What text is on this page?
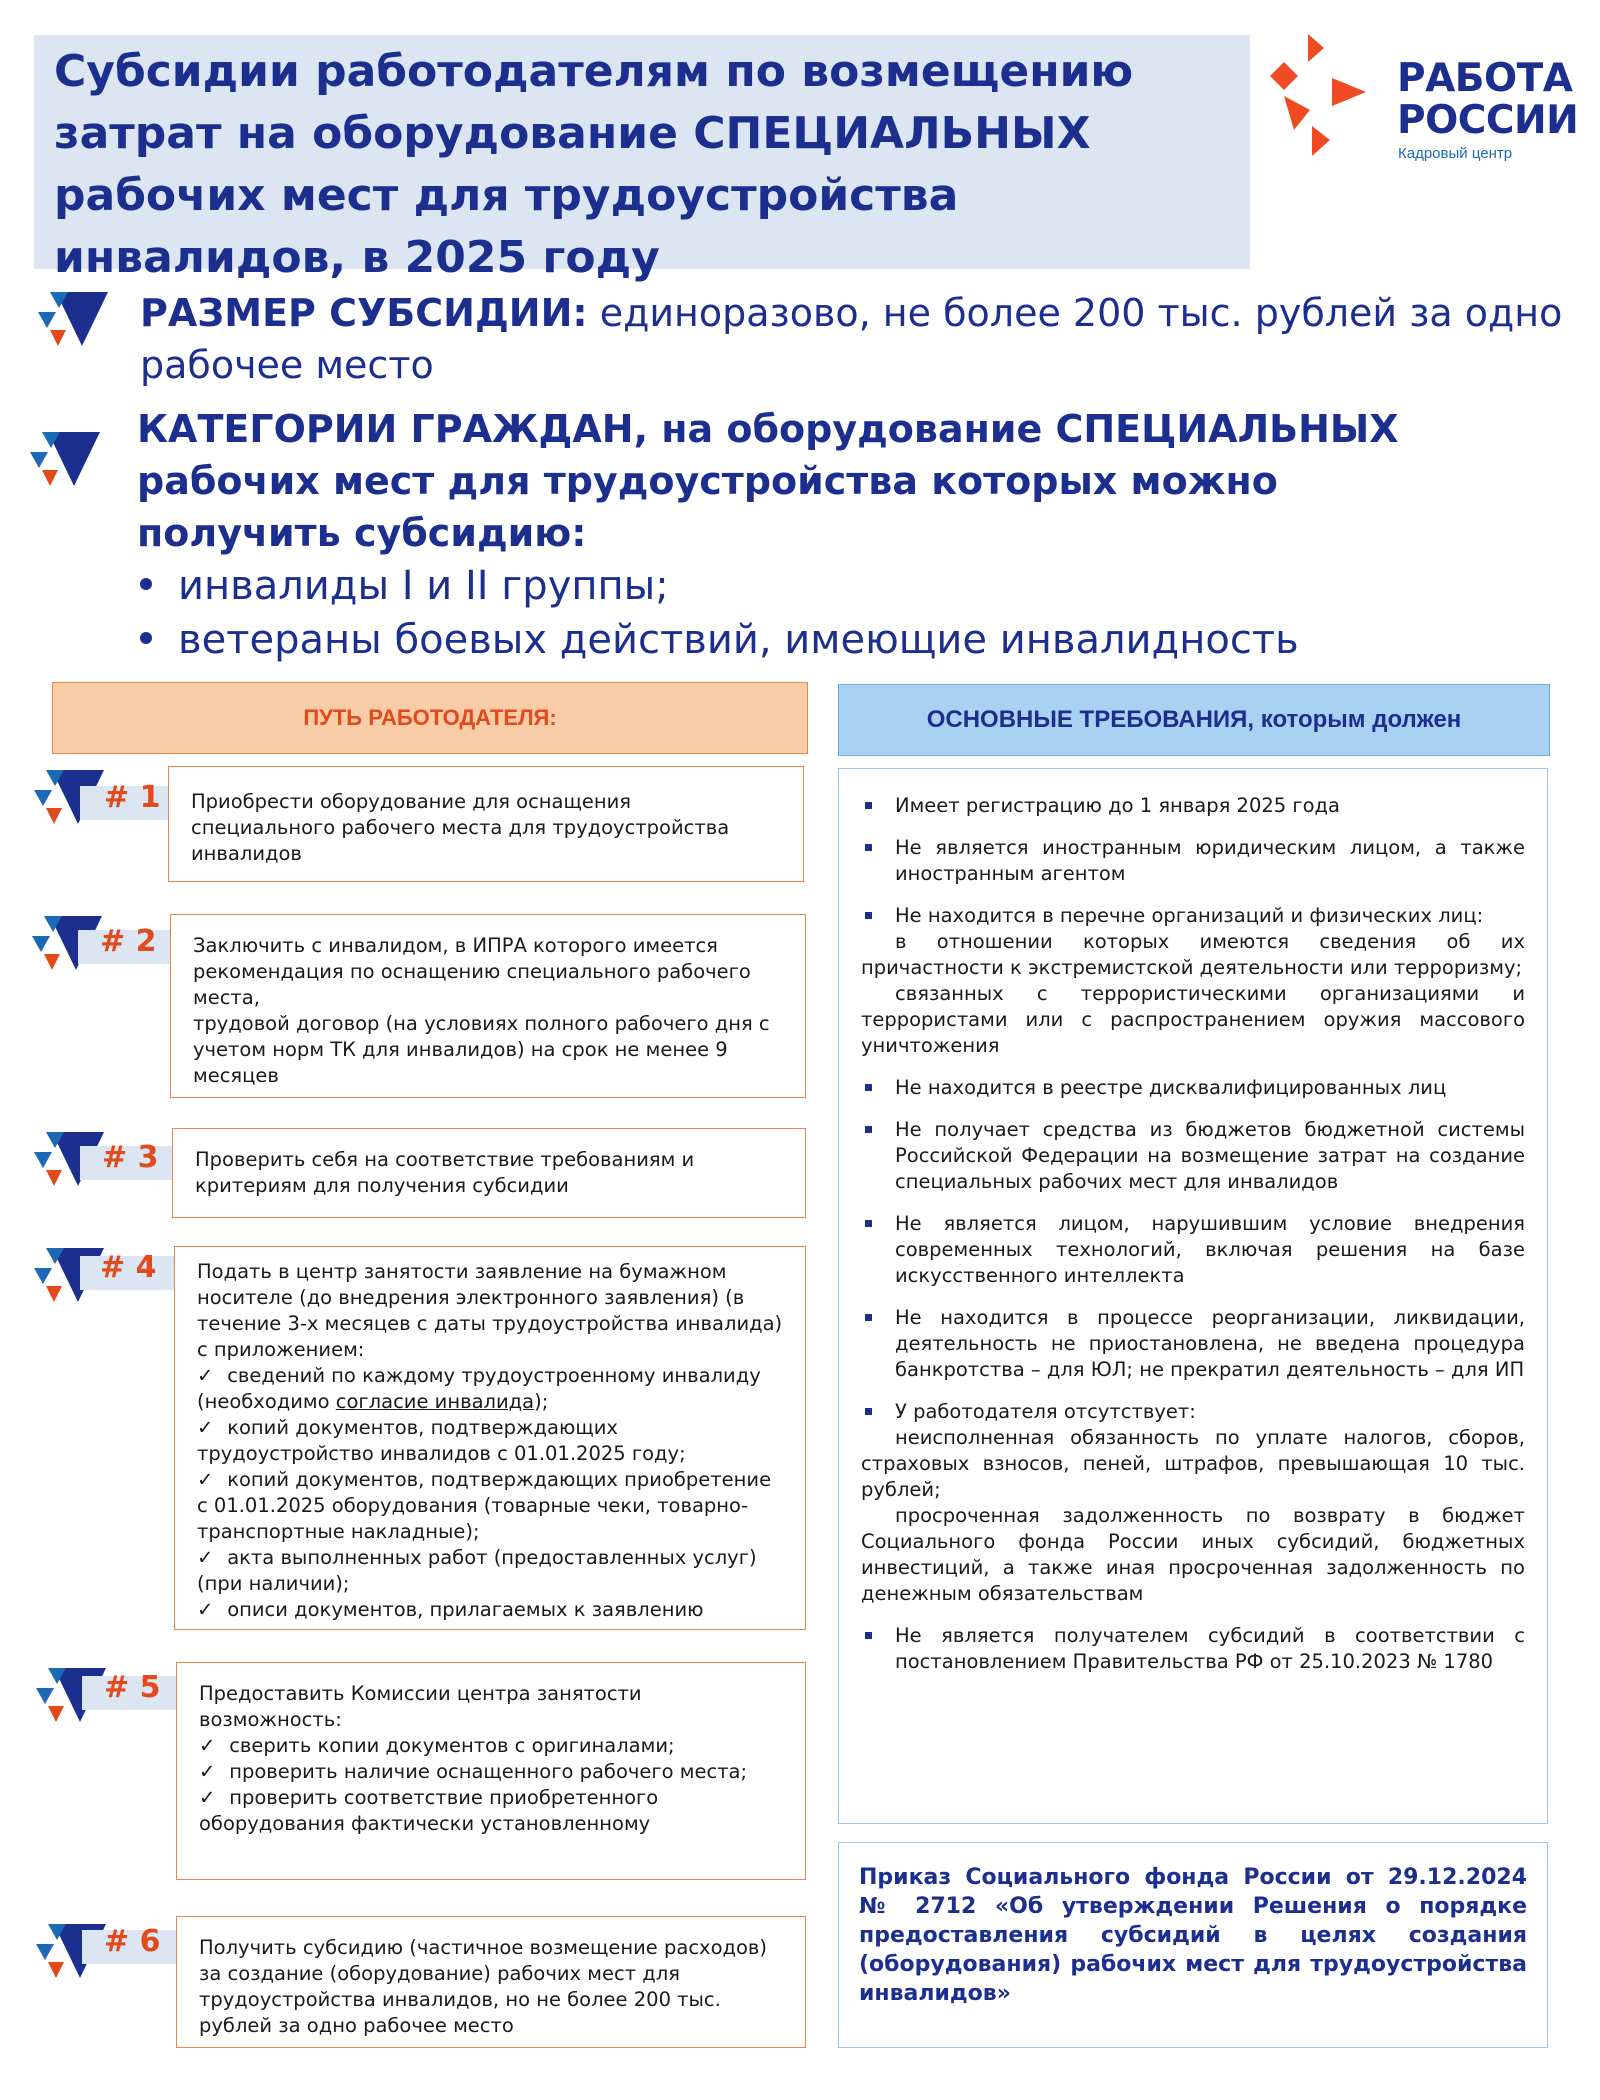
Субсидии работодателям по возмещению затрат на оборудование СПЕЦИАЛЬНЫХ рабочих мест для трудоустройства инвалидов, в 2025 году
РАБОТА
РОССИИ
Кадровый центр
РАЗМЕР СУБСИДИИ: единоразово, не более 200 тыс. рублей за одно рабочее место
КАТЕГОРИИ ГРАЖДАН, на оборудование СПЕЦИАЛЬНЫХ рабочих мест для трудоустройства которых можно получить субсидию:
инвалиды I и II группы;
ветераны боевых действий, имеющие инвалидность
ПУТЬ РАБОТОДАТЕЛЯ:
# 1 Приобрести оборудование для оснащения специального рабочего места для трудоустройства инвалидов

# 2 Заключить с инвалидом, в ИПРА которого имеется рекомендация по оснащению специального рабочего места,

трудовой договор (на условиях полного рабочего дня с учетом норм ТК для инвалидов) на срок не менее 9 месяцев

# 3 Проверить себя на соответствие требованиям и критериям для получения субсидии

# 4 Подать в центр занятости заявление на бумажном носителе (до внедрения электронного заявления) (в течение 3-х месяцев с даты трудоустройства инвалида) с приложением:

✓ сведений по каждому трудоустроенному инвалиду (необходимо согласие инвалида);

✓ копий документов, подтверждающих трудоустройство инвалидов с 01.01.2025 году;

✓ копий документов, подтверждающих приобретение с 01.01.2025 оборудования (товарные чеки, товарно-транспортные накладные);

✓ акта выполненных работ (предоставленных услуг) (при наличии);

✓ описи документов, прилагаемых к заявлению

# 5 Предоставить Комиссии центра занятости возможность:

✓ сверить копии документов с оригиналами;

✓ проверить наличие оснащенного рабочего места;

✓ проверить соответствие приобретенного оборудования фактически установленному

# 6 Получить субсидию (частичное возмещение расходов) за создание (оборудование) рабочих мест для трудоустройства инвалидов, но не более 200 тыс. рублей за одно рабочее место

ОСНОВНЫЕ ТРЕБОВАНИЯ, которым должен
Имеет регистрацию до 1 января 2025 года
Не является иностранным юридическим лицом, а также иностранным агентом
Не находится в перечне организаций и физических лиц:
в отношении которых имеются сведения об их причастности к экстремистской деятельности или терроризму;
связанных с террористическими организациями и террористами или с распространением оружия массового уничтожения
Не находится в реестре дисквалифицированных лиц
Не получает средства из бюджетов бюджетной системы Российской Федерации на возмещение затрат на создание специальных рабочих мест для инвалидов
Не является лицом, нарушившим условие внедрения современных технологий, включая решения на базе искусственного интеллекта
Не находится в процессе реорганизации, ликвидации, деятельность не приостановлена, не введена процедура банкротства – для ЮЛ; не прекратил деятельность – для ИП
У работодателя отсутствует:
неисполненная обязанность по уплате налогов, сборов, страховых взносов, пеней, штрафов, превышающая 10 тыс. рублей;
просроченная задолженность по возврату в бюджет Социального фонда России иных субсидий, бюджетных инвестиций, а также иная просроченная задолженность по денежным обязательствам
Не является получателем субсидий в соответствии с постановлением Правительства РФ от 25.10.2023 № 1780
Приказ Социального фонда России от 29.12.2024 № 2712 «Об утверждении Решения о порядке предоставления субсидий в целях создания (оборудования) рабочих мест для трудоустройства инвалидов»
